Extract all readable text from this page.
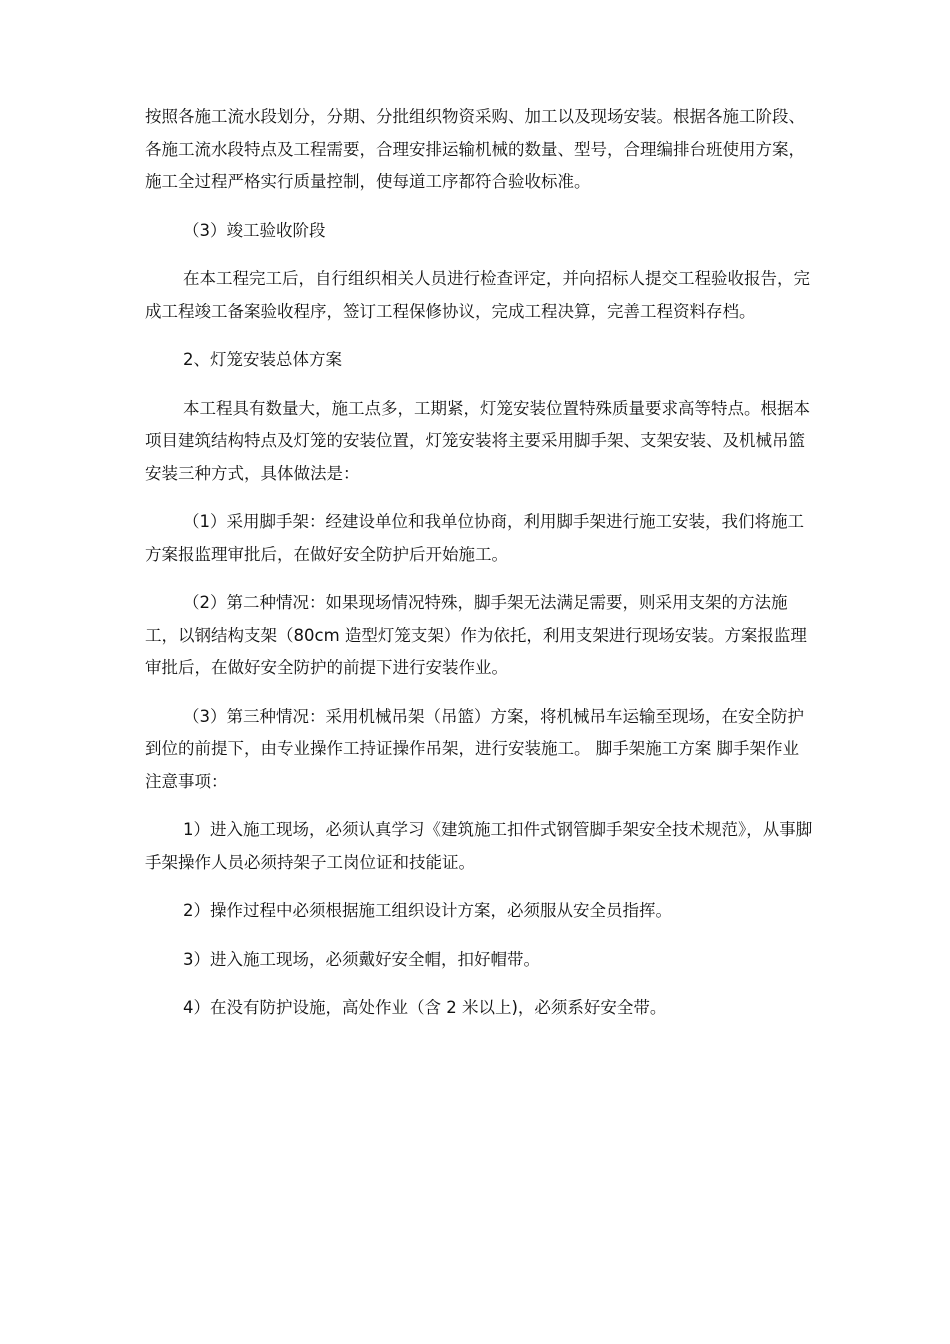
按照各施工流水段划分，分期、分批组织物资采购、加工以及现场安装。根据各施工阶段、各施工流水段特点及工程需要，合理安排运输机械的数量、型号，合理编排台班使用方案，施工全过程严格实行质量控制，使每道工序都符合验收标准。

（3）竣工验收阶段

在本工程完工后，自行组织相关人员进行检查评定，并向招标人提交工程验收报告，完成工程竣工备案验收程序，签订工程保修协议，完成工程决算，完善工程资料存档。

2、灯笼安装总体方案

本工程具有数量大，施工点多，工期紧，灯笼安装位置特殊质量要求高等特点。根据本项目建筑结构特点及灯笼的安装位置，灯笼安装将主要采用脚手架、支架安装、及机械吊篮安装三种方式，具体做法是：

（1）采用脚手架：经建设单位和我单位协商，利用脚手架进行施工安装，我们将施工方案报监理审批后，在做好安全防护后开始施工。

（2）第二种情况：如果现场情况特殊，脚手架无法满足需要，则采用支架的方法施工，以钢结构支架（80cm 造型灯笼支架）作为依托，利用支架进行现场安装。方案报监理审批后，在做好安全防护的前提下进行安装作业。

（3）第三种情况：采用机械吊架（吊篮）方案，将机械吊车运输至现场，在安全防护到位的前提下，由专业操作工持证操作吊架，进行安装施工。 脚手架施工方案 脚手架作业注意事项：

1）进入施工现场，必须认真学习《建筑施工扣件式钢管脚手架安全技术规范》，从事脚手架操作人员必须持架子工岗位证和技能证。

2）操作过程中必须根据施工组织设计方案，必须服从安全员指挥。

3）进入施工现场，必须戴好安全帽，扣好帽带。

4）在没有防护设施，高处作业（含 2 米以上)，必须系好安全带。
